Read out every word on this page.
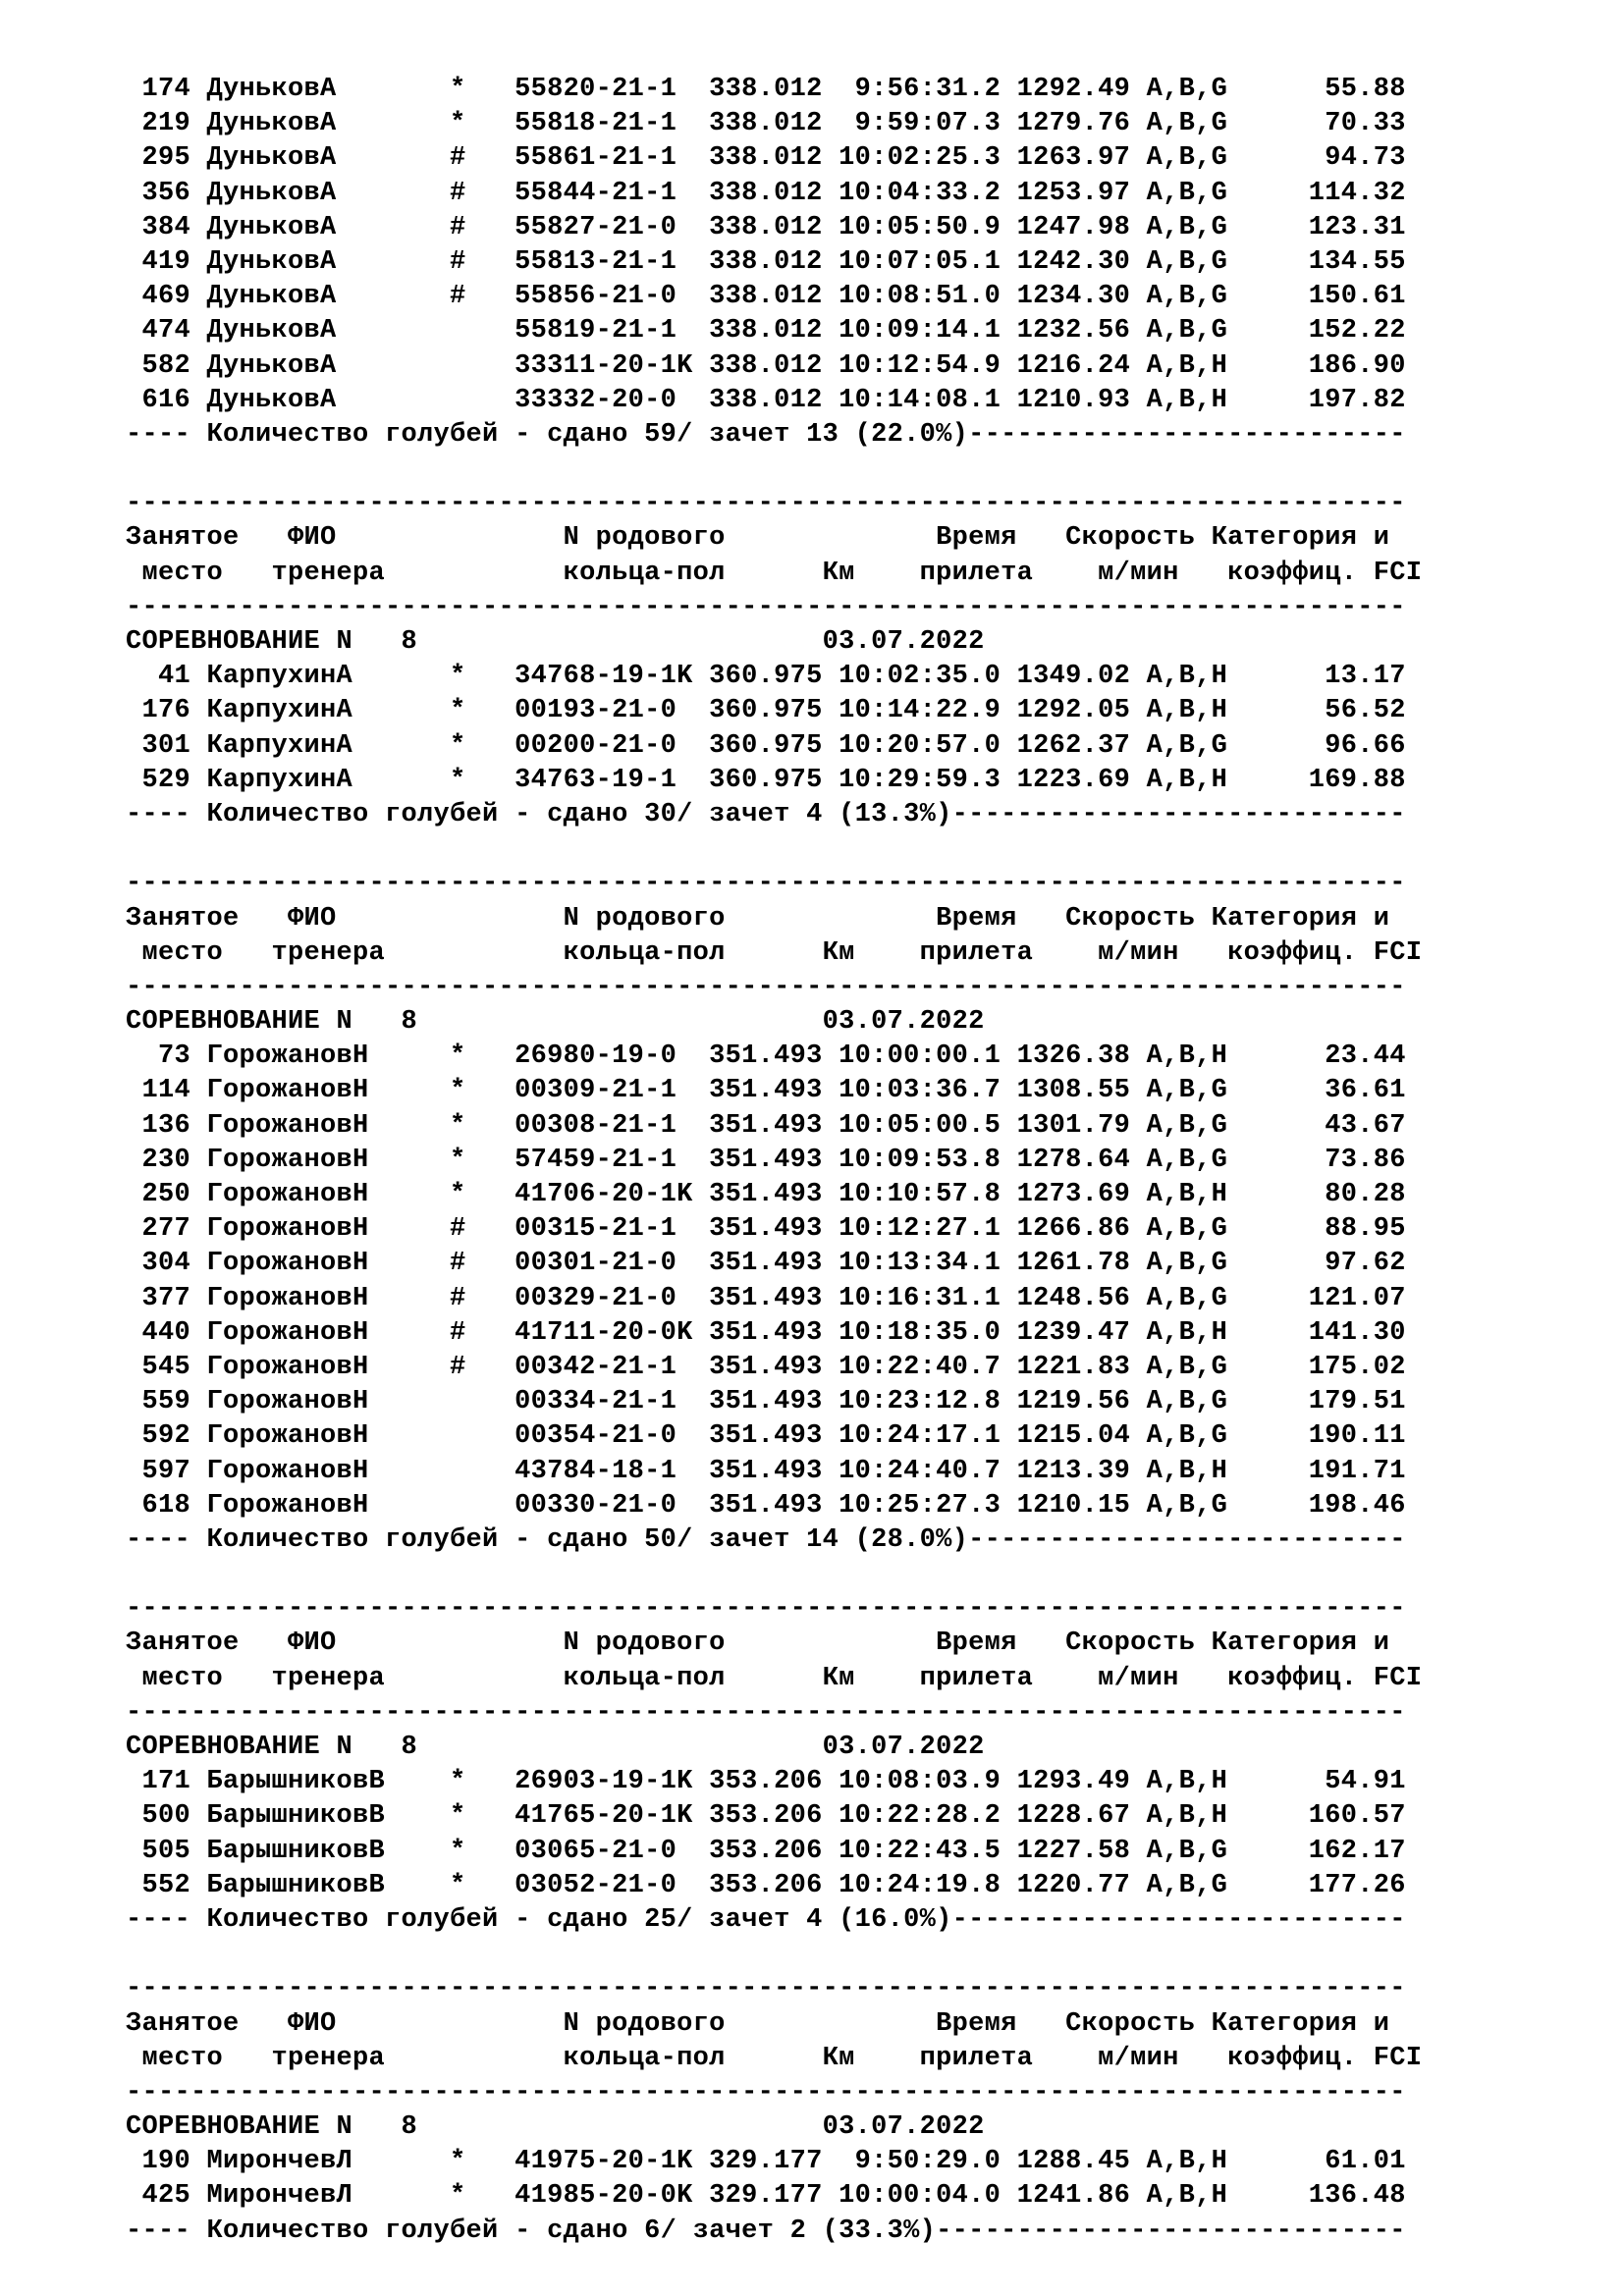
174 ДуньковА       *   55820-21-1  338.012  9:56:31.2 1292.49 A,B,G      55.88
219 ДуньковА       *   55818-21-1  338.012  9:59:07.3 1279.76 A,B,G      70.33
295 ДуньковА       #   55861-21-1  338.012 10:02:25.3 1263.97 A,B,G      94.73
356 ДуньковА       #   55844-21-1  338.012 10:04:33.2 1253.97 A,B,G     114.32
384 ДуньковА       #   55827-21-0  338.012 10:05:50.9 1247.98 A,B,G     123.31
419 ДуньковА       #   55813-21-1  338.012 10:07:05.1 1242.30 A,B,G     134.55
469 ДуньковА       #   55856-21-0  338.012 10:08:51.0 1234.30 A,B,G     150.61
474 ДуньковА           55819-21-1  338.012 10:09:14.1 1232.56 A,B,G     152.22
582 ДуньковА           33311-20-1K 338.012 10:12:54.9 1216.24 A,B,H     186.90
616 ДуньковА           33332-20-0  338.012 10:14:08.1 1210.93 A,B,H     197.82
---- Количество голубей - сдано 59/ зачет 13 (22.0%)---------------------------
-------------------------------------------------------------------------------
Занятое   ФИО              N родового             Время   Скорость Категория и
место   тренера           кольца-пол      Км    прилета    м/мин   коэффиц. FCI
-------------------------------------------------------------------------------
СОРЕВНОВАНИЕ N   8                         03.07.2022
41 КарпухинА      *   34768-19-1K 360.975 10:02:35.0 1349.02 A,B,H      13.17
176 КарпухинА      *   00193-21-0  360.975 10:14:22.9 1292.05 A,B,H      56.52
301 КарпухинА      *   00200-21-0  360.975 10:20:57.0 1262.37 A,B,G      96.66
529 КарпухинА      *   34763-19-1  360.975 10:29:59.3 1223.69 A,B,H     169.88
---- Количество голубей - сдано 30/ зачет 4 (13.3%)----------------------------
-------------------------------------------------------------------------------
Занятое   ФИО              N родового             Время   Скорость Категория и
место   тренера           кольца-пол      Км    прилета    м/мин   коэффиц. FCI
-------------------------------------------------------------------------------
СОРЕВНОВАНИЕ N   8                         03.07.2022
73 ГорожановН     *   26980-19-0  351.493 10:00:00.1 1326.38 A,B,H      23.44
114 ГорожановН     *   00309-21-1  351.493 10:03:36.7 1308.55 A,B,G      36.61
136 ГорожановН     *   00308-21-1  351.493 10:05:00.5 1301.79 A,B,G      43.67
230 ГорожановН     *   57459-21-1  351.493 10:09:53.8 1278.64 A,B,G      73.86
250 ГорожановН     *   41706-20-1K 351.493 10:10:57.8 1273.69 A,B,H      80.28
277 ГорожановН     #   00315-21-1  351.493 10:12:27.1 1266.86 A,B,G      88.95
304 ГорожановН     #   00301-21-0  351.493 10:13:34.1 1261.78 A,B,G      97.62
377 ГорожановН     #   00329-21-0  351.493 10:16:31.1 1248.56 A,B,G     121.07
440 ГорожановН     #   41711-20-0K 351.493 10:18:35.0 1239.47 A,B,H     141.30
545 ГорожановН     #   00342-21-1  351.493 10:22:40.7 1221.83 A,B,G     175.02
559 ГорожановН         00334-21-1  351.493 10:23:12.8 1219.56 A,B,G     179.51
592 ГорожановН         00354-21-0  351.493 10:24:17.1 1215.04 A,B,G     190.11
597 ГорожановН         43784-18-1  351.493 10:24:40.7 1213.39 A,B,H     191.71
618 ГорожановН         00330-21-0  351.493 10:25:27.3 1210.15 A,B,G     198.46
---- Количество голубей - сдано 50/ зачет 14 (28.0%)---------------------------
-------------------------------------------------------------------------------
Занятое   ФИО              N родового             Время   Скорость Категория и
место   тренера           кольца-пол      Км    прилета    м/мин   коэффиц. FCI
-------------------------------------------------------------------------------
СОРЕВНОВАНИЕ N   8                         03.07.2022
171 БарышниковВ    *   26903-19-1K 353.206 10:08:03.9 1293.49 A,B,H      54.91
500 БарышниковВ    *   41765-20-1K 353.206 10:22:28.2 1228.67 A,B,H     160.57
505 БарышниковВ    *   03065-21-0  353.206 10:22:43.5 1227.58 A,B,G     162.17
552 БарышниковВ    *   03052-21-0  353.206 10:24:19.8 1220.77 A,B,G     177.26
---- Количество голубей - сдано 25/ зачет 4 (16.0%)----------------------------
-------------------------------------------------------------------------------
Занятое   ФИО              N родового             Время   Скорость Категория и
место   тренера           кольца-пол      Км    прилета    м/мин   коэффиц. FCI
-------------------------------------------------------------------------------
СОРЕВНОВАНИЕ N   8                         03.07.2022
190 МирончевЛ      *   41975-20-1K 329.177  9:50:29.0 1288.45 A,B,H      61.01
425 МирончевЛ      *   41985-20-0K 329.177 10:00:04.0 1241.86 A,B,H     136.48
---- Количество голубей - сдано 6/ зачет 2 (33.3%)-----------------------------
